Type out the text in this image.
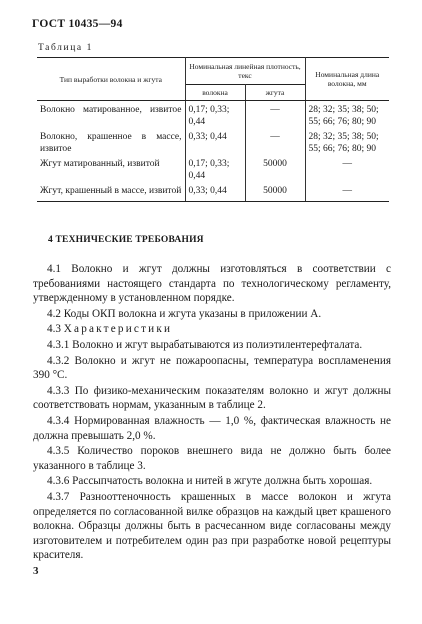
ГОСТ 10435—94
Таблица 1
Тип выработки волокна и жгута	Номинальная линейная плотность, текс		Номинальная длина волокна, мм
	волокна	жгута	
Волокно матированное, извитое	0,17; 0,33; 0,44	—	28; 32; 35; 38; 50; 55; 66; 76; 80; 90
Волокно, крашенное в массе, извитое	0,33; 0,44	—	28; 32; 35; 38; 50; 55; 66; 76; 80; 90
Жгут матированный, извитой	0,17; 0,33; 0,44	50000	—
Жгут, крашенный в массе, извитой	0,33; 0,44	50000	—
4 ТЕХНИЧЕСКИЕ ТРЕБОВАНИЯ

4.1 Волокно и жгут должны изготовляться в соответствии с требованиями настоящего стандарта по технологическому регламенту, утвержденному в установленном порядке.

4.2 Коды ОКП волокна и жгута указаны в приложении А.

4.3 Характеристики

4.3.1 Волокно и жгут вырабатываются из полиэтилентерефталата.

4.3.2 Волокно и жгут не пожароопасны, температура воспламенения 390 °С.

4.3.3 По физико-механическим показателям волокно и жгут должны соответствовать нормам, указанным в таблице 2.

4.3.4 Нормированная влажность — 1,0 %, фактическая влажность не должна превышать 2,0 %.

4.3.5 Количество пороков внешнего вида не должно быть более указанного в таблице 3.

4.3.6 Рассыпчатость волокна и нитей в жгуте должна быть хорошая.

4.3.7 Разнооттеночность крашенных в массе волокон и жгута определяется по согласованной вилке образцов на каждый цвет крашеного волокна. Образцы должны быть в расчесанном виде согласованы между изготовителем и потребителем один раз при разработке новой рецептуры красителя.

3
